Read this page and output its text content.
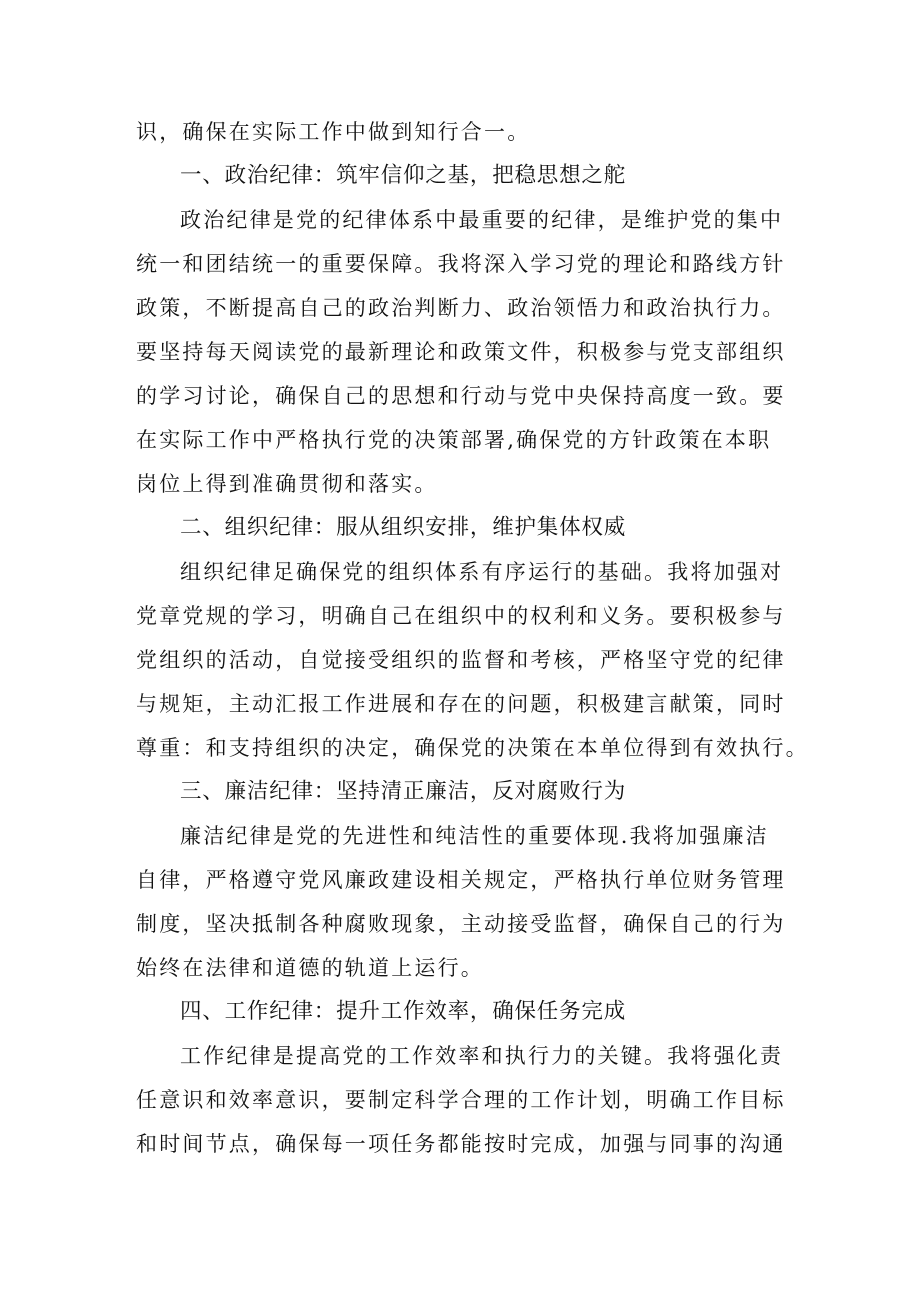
识，确保在实际工作中做到知行合一。
一、政治纪律：筑牢信仰之基，把稳思想之舵
政治纪律是党的纪律体系中最重要的纪律，是维护党的集中
统一和团结统一的重要保障。我将深入学习党的理论和路线方针
政策，不断提高自己的政治判断力、政治领悟力和政治执行力。
要坚持每天阅读党的最新理论和政策文件，积极参与党支部组织
的学习讨论，确保自己的思想和行动与党中央保持高度一致。要
在实际工作中严格执行党的决策部署,确保党的方针政策在本职
岗位上得到准确贯彻和落实。
二、组织纪律：服从组织安排，维护集体权威
组织纪律足确保党的组织体系有序运行的基础。我将加强对
党章党规的学习，明确自己在组织中的权利和义务。要积极参与
党组织的活动，自觉接受组织的监督和考核，严格坚守党的纪律
与规矩，主动汇报工作进展和存在的问题，积极建言献策，同时
尊重：和支持组织的决定，确保党的决策在本单位得到有效执行。
三、廉洁纪律：坚持清正廉洁，反对腐败行为
廉洁纪律是党的先进性和纯洁性的重要体现.我将加强廉洁
自律，严格遵守党风廉政建设相关规定，严格执行单位财务管理
制度，坚决抵制各种腐败现象，主动接受监督，确保自己的行为
始终在法律和道德的轨道上运行。
四、工作纪律：提升工作效率，确保任务完成
工作纪律是提高党的工作效率和执行力的关键。我将强化责
任意识和效率意识，要制定科学合理的工作计划，明确工作目标
和时间节点，确保每一项任务都能按时完成，加强与同事的沟通
